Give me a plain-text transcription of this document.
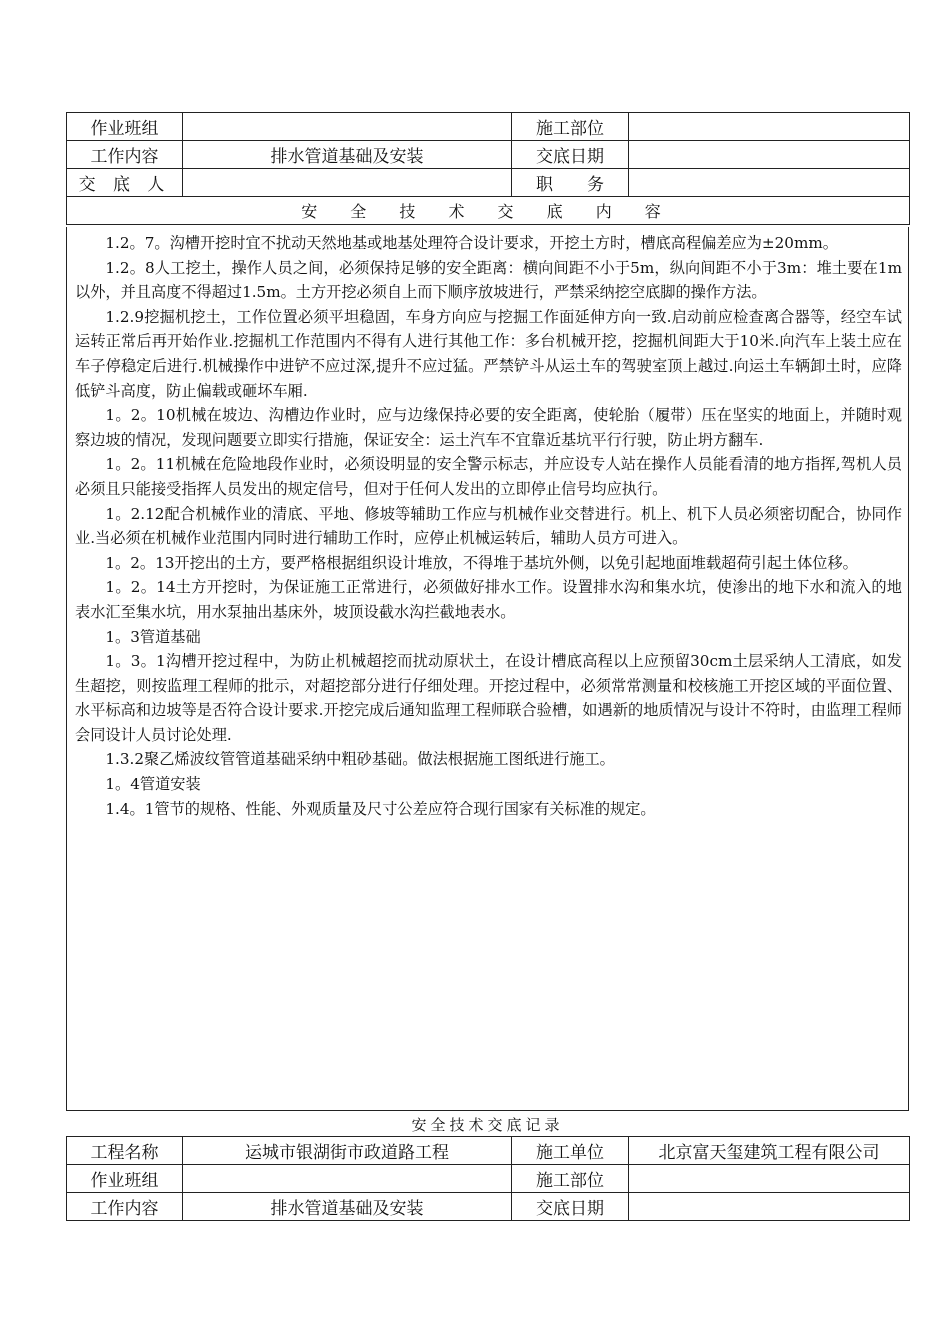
作业班组		施工部位	
工作内容	排水管道基础及安装	交底日期	
交 底 人		职　　务	
安 全 技 术 交 底 内 容			

1.2。7。沟槽开挖时宜不扰动天然地基或地基处理符合设计要求，开挖土方时，槽底高程偏差应为±20mm。

1.2。8人工挖土，操作人员之间，必须保持足够的安全距离：横向间距不小于5m，纵向间距不小于3m：堆土要在1m以外，并且高度不得超过1.5m。土方开挖必须自上而下顺序放坡进行，严禁采纳挖空底脚的操作方法。

1.2.9挖掘机挖土，工作位置必须平坦稳固，车身方向应与挖掘工作面延伸方向一致.启动前应检查离合器等，经空车试运转正常后再开始作业.挖掘机工作范围内不得有人进行其他工作：多台机械开挖，挖掘机间距大于10米.向汽车上装土应在车子停稳定后进行.机械操作中进铲不应过深,提升不应过猛。严禁铲斗从运土车的驾驶室顶上越过.向运土车辆卸土时，应降低铲斗高度，防止偏载或砸坏车厢.

1。2。10机械在坡边、沟槽边作业时，应与边缘保持必要的安全距离，使轮胎（履带）压在坚实的地面上，并随时观察边坡的情况，发现问题要立即实行措施，保证安全：运土汽车不宜靠近基坑平行行驶，防止坍方翻车.

1。2。11机械在危险地段作业时，必须设明显的安全警示标志，并应设专人站在操作人员能看清的地方指挥,驾机人员必须且只能接受指挥人员发出的规定信号，但对于任何人发出的立即停止信号均应执行。

1。2.12配合机械作业的清底、平地、修坡等辅助工作应与机械作业交替进行。机上、机下人员必须密切配合，协同作业.当必须在机械作业范围内同时进行辅助工作时，应停止机械运转后，辅助人员方可进入。

1。2。13开挖出的土方，要严格根据组织设计堆放，不得堆于基坑外侧，以免引起地面堆载超荷引起土体位移。

1。2。14土方开挖时，为保证施工正常进行，必须做好排水工作。设置排水沟和集水坑，使渗出的地下水和流入的地表水汇至集水坑，用水泵抽出基床外，坡顶设截水沟拦截地表水。

1。3管道基础

1。3。1沟槽开挖过程中，为防止机械超挖而扰动原状土，在设计槽底高程以上应预留30cm土层采纳人工清底，如发生超挖，则按监理工程师的批示，对超挖部分进行仔细处理。开挖过程中，必须常常测量和校核施工开挖区域的平面位置、水平标高和边坡等是否符合设计要求.开挖完成后通知监理工程师联合验槽，如遇新的地质情况与设计不符时，由监理工程师会同设计人员讨论处理.

1.3.2聚乙烯波纹管管道基础采纳中粗砂基础。做法根据施工图纸进行施工。

1。4管道安装

1.4。1管节的规格、性能、外观质量及尺寸公差应符合现行国家有关标准的规定。

安全技术交底记录
工程名称	运城市银湖街市政道路工程	施工单位	北京富天玺建筑工程有限公司
作业班组		施工部位	
工作内容	排水管道基础及安装	交底日期	
